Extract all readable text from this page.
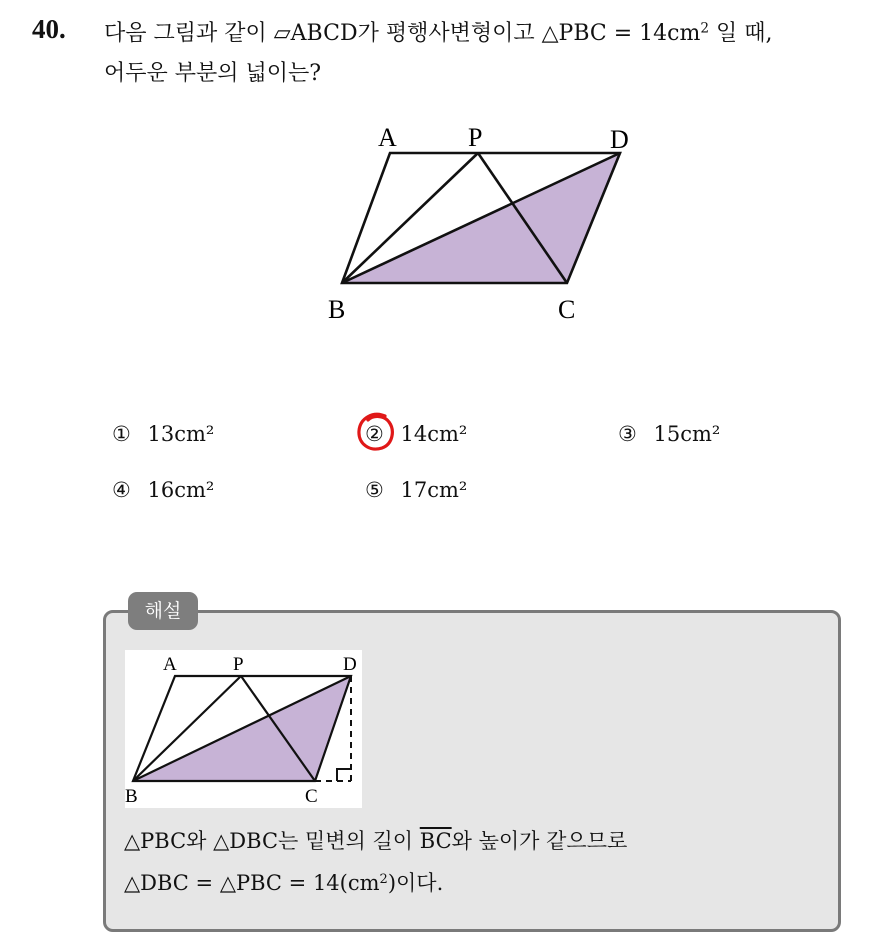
40. 다음 그림과 같이 ▱ABCD가 평행사변형이고 △PBC = $14cm^2$ 일 때,
어두운 부분의 넓이는?
A	P	D
B	C
① 13cm²	② 14cm²	③ 15cm²
④ 16cm²	⑤ 17cm²
해설
A	P	D
B	C
△PBC와 △DBC는 밑변의 길이 $\overline{BC}$와 높이가 같으므로
△DBC = △PBC = $14(cm^2)$이다.
